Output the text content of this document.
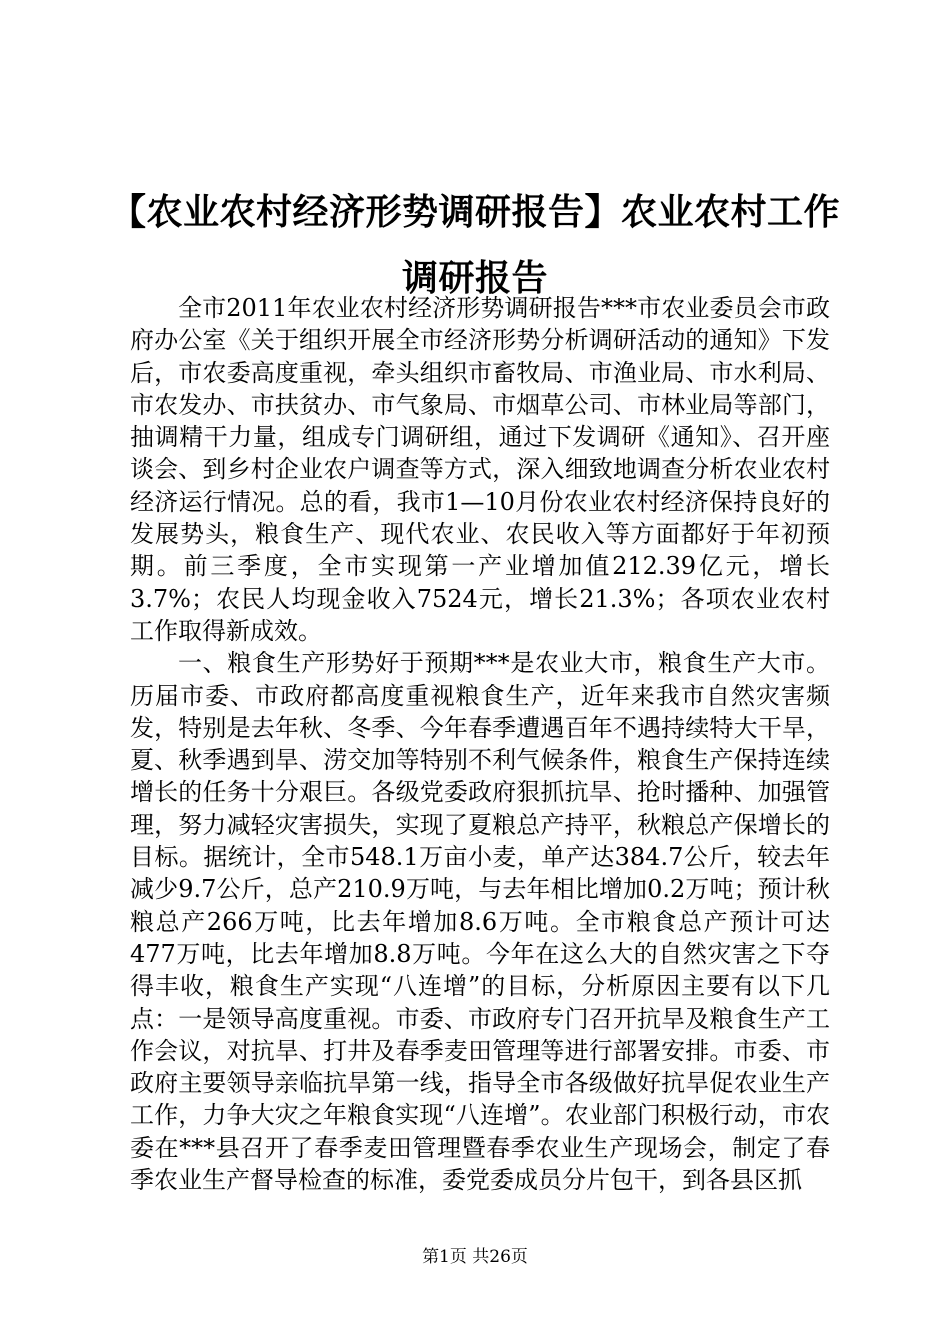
【农业农村经济形势调研报告】农业农村工作调研报告

全市2011年农业农村经济形势调研报告***市农业委员会市政府办公室《关于组织开展全市经济形势分析调研活动的通知》下发后，市农委高度重视，牵头组织市畜牧局、市渔业局、市水利局、市农发办、市扶贫办、市气象局、市烟草公司、市林业局等部门，抽调精干力量，组成专门调研组，通过下发调研《通知》、召开座谈会、到乡村企业农户调查等方式，深入细致地调查分析农业农村经济运行情况。总的看，我市1—10月份农业农村经济保持良好的发展势头，粮食生产、现代农业、农民收入等方面都好于年初预期。前三季度，全市实现第一产业增加值212.39亿元，增长3.7%；农民人均现金收入7524元，增长21.3%；各项农业农村工作取得新成效。

一、粮食生产形势好于预期***是农业大市，粮食生产大市。历届市委、市政府都高度重视粮食生产，近年来我市自然灾害频发，特别是去年秋、冬季、今年春季遭遇百年不遇持续特大干旱，夏、秋季遇到旱、涝交加等特别不利气候条件，粮食生产保持连续增长的任务十分艰巨。各级党委政府狠抓抗旱、抢时播种、加强管理，努力减轻灾害损失，实现了夏粮总产持平，秋粮总产保增长的目标。据统计，全市548.1万亩小麦，单产达384.7公斤，较去年减少9.7公斤，总产210.9万吨，与去年相比增加0.2万吨；预计秋粮总产266万吨，比去年增加8.6万吨。全市粮食总产预计可达477万吨，比去年增加8.8万吨。今年在这么大的自然灾害之下夺得丰收，粮食生产实现“八连增”的目标，分析原因主要有以下几点：一是领导高度重视。市委、市政府专门召开抗旱及粮食生产工作会议，对抗旱、打井及春季麦田管理等进行部署安排。市委、市政府主要领导亲临抗旱第一线，指导全市各级做好抗旱促农业生产工作，力争大灾之年粮食实现“八连增”。农业部门积极行动，市农委在***县召开了春季麦田管理暨春季农业生产现场会，制定了春季农业生产督导检查的标准，委党委成员分片包干，到各县区抓

第1页 共26页
